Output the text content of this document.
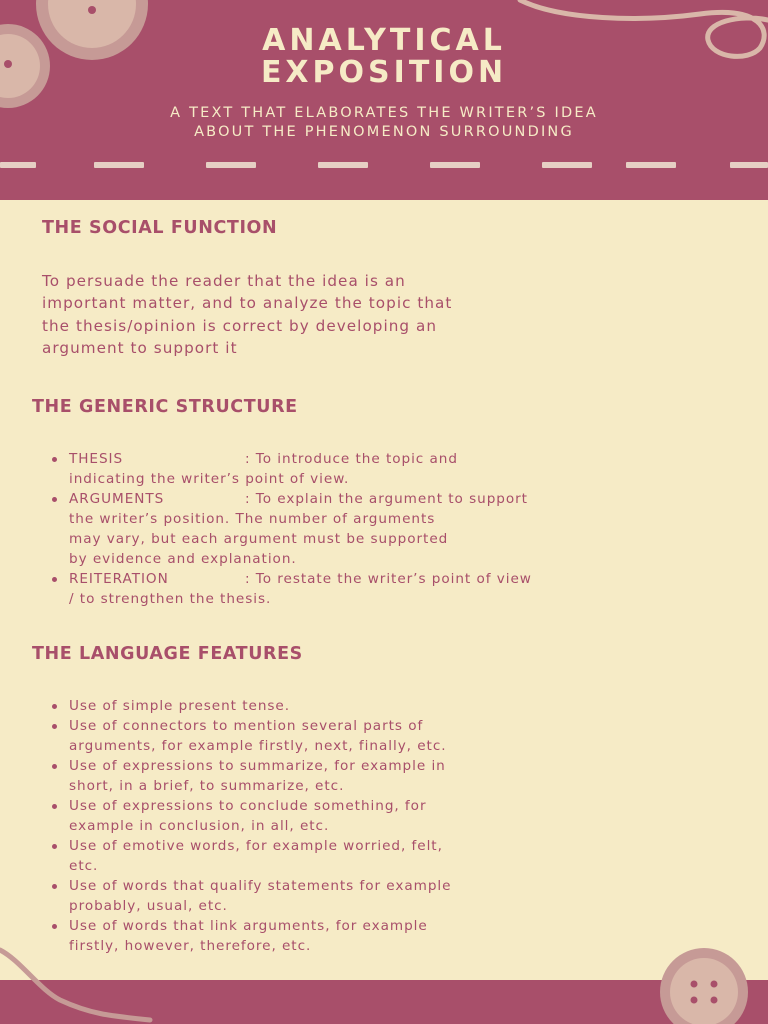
ANALYTICAL
EXPOSITION
A TEXT THAT ELABORATES THE WRITER’S IDEA
ABOUT THE PHENOMENON SURROUNDING
THE SOCIAL FUNCTION
To persuade the reader that the idea is an
important matter, and to analyze the topic that
the thesis/opinion is correct by developing an
argument to support it
THE GENERIC STRUCTURE
THESIS	: To introduce the topic and
indicating the writer’s point of view.
ARGUMENTS	: To explain the argument to support
the writer’s position. The number of arguments
may vary, but each argument must be supported
by evidence and explanation.
REITERATION	: To restate the writer’s point of view
/ to strengthen the thesis.
THE LANGUAGE FEATURES
Use of simple present tense.
Use of connectors to mention several parts of
arguments, for example firstly, next, finally, etc.
Use of expressions to summarize, for example in
short, in a brief, to summarize, etc.
Use of expressions to conclude something, for
example in conclusion, in all, etc.
Use of emotive words, for example worried, felt,
etc.
Use of words that qualify statements for example
probably, usual, etc.
Use of words that link arguments, for example
firstly, however, therefore, etc.
